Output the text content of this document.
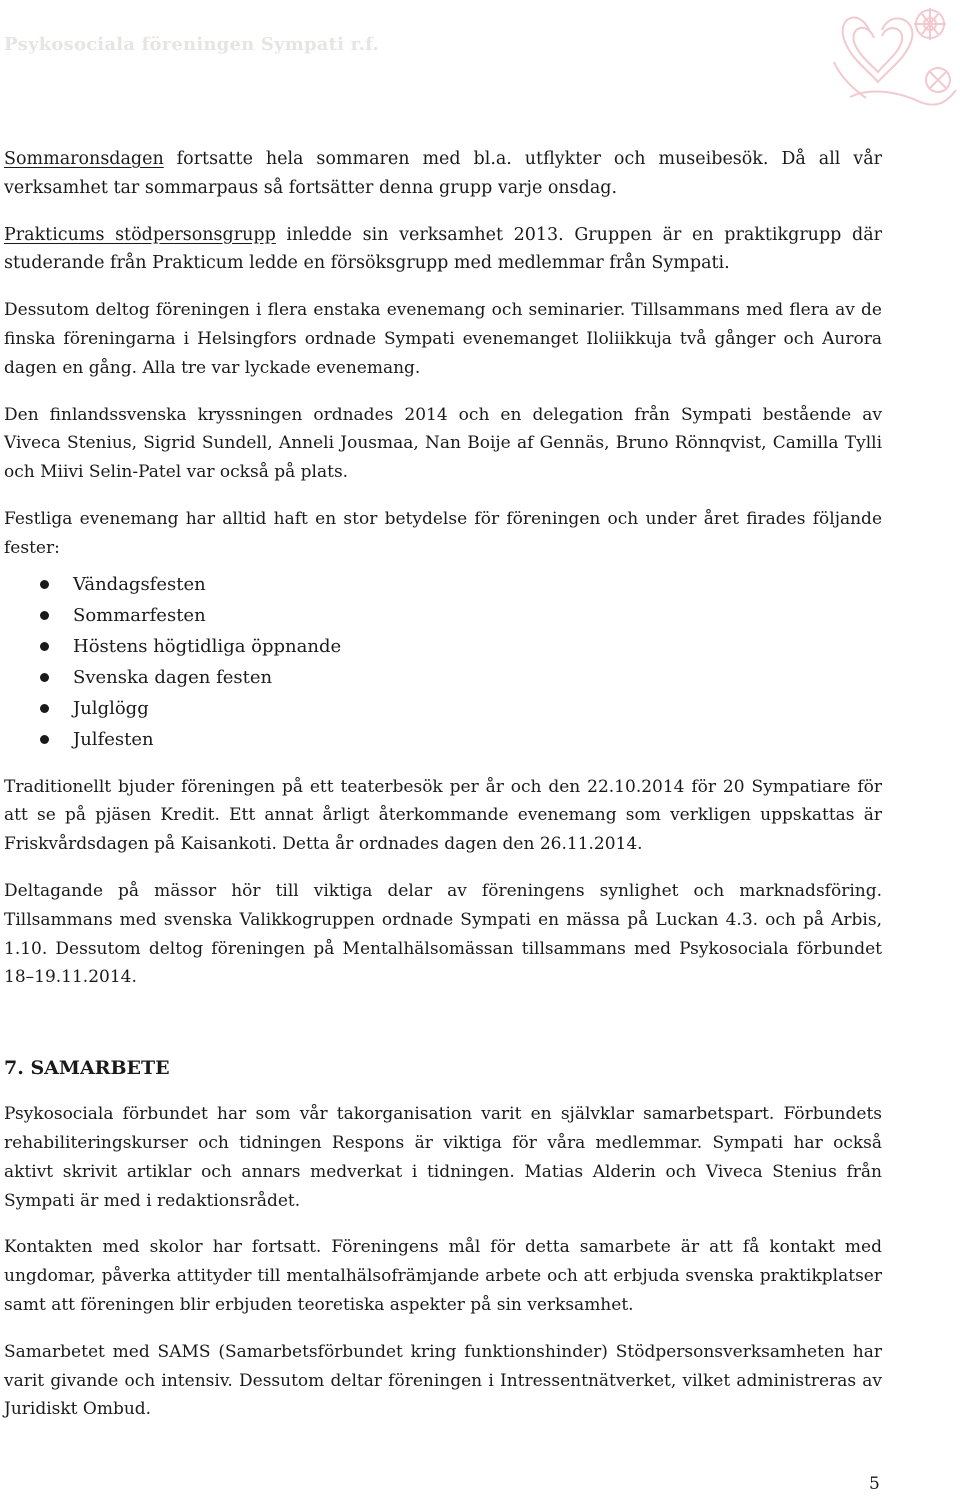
Psykosociala föreningen Sympati r.f.

Sommaronsdagen fortsatte hela sommaren med bl.a. utflykter och museibesök. Då all vår verksamhet tar sommarpaus så fortsätter denna grupp varje onsdag.

Prakticums stödpersonsgrupp inledde sin verksamhet 2013. Gruppen är en praktikgrupp där studerande från Prakticum ledde en försöksgrupp med medlemmar från Sympati.

Dessutom deltog föreningen i flera enstaka evenemang och seminarier. Tillsammans med flera av de finska föreningarna i Helsingfors ordnade Sympati evenemanget Iloliikkuja två gånger och Aurora dagen en gång. Alla tre var lyckade evenemang.

Den finlandssvenska kryssningen ordnades 2014 och en delegation från Sympati bestående av Viveca Stenius, Sigrid Sundell, Anneli Jousmaa, Nan Boije af Gennäs, Bruno Rönnqvist, Camilla Tylli och Miivi Selin-Patel var också på plats.

Festliga evenemang har alltid haft en stor betydelse för föreningen och under året firades följande fester:

Vändagsfesten
Sommarfesten
Höstens högtidliga öppnande
Svenska dagen festen
Julglögg
Julfesten

Traditionellt bjuder föreningen på ett teaterbesök per år och den 22.10.2014 för 20 Sympatiare för att se på pjäsen Kredit. Ett annat årligt återkommande evenemang som verkligen uppskattas är Friskvårdsdagen på Kaisankoti. Detta år ordnades dagen den 26.11.2014.

Deltagande på mässor hör till viktiga delar av föreningens synlighet och marknadsföring. Tillsammans med svenska Valikkogruppen ordnade Sympati en mässa på Luckan 4.3. och på Arbis, 1.10. Dessutom deltog föreningen på Mentalhälsomässan tillsammans med Psykosociala förbundet 18–19.11.2014.

7. SAMARBETE

Psykosociala förbundet har som vår takorganisation varit en självklar samarbetspart. Förbundets rehabiliteringskurser och tidningen Respons är viktiga för våra medlemmar. Sympati har också aktivt skrivit artiklar och annars medverkat i tidningen. Matias Alderin och Viveca Stenius från Sympati är med i redaktionsrådet.

Kontakten med skolor har fortsatt. Föreningens mål för detta samarbete är att få kontakt med ungdomar, påverka attityder till mentalhälsofrämjande arbete och att erbjuda svenska praktikplatser samt att föreningen blir erbjuden teoretiska aspekter på sin verksamhet.

Samarbetet med SAMS (Samarbetsförbundet kring funktionshinder) Stödpersonsverksamheten har varit givande och intensiv. Dessutom deltar föreningen i Intressentnätverket, vilket administreras av Juridiskt Ombud.

5
